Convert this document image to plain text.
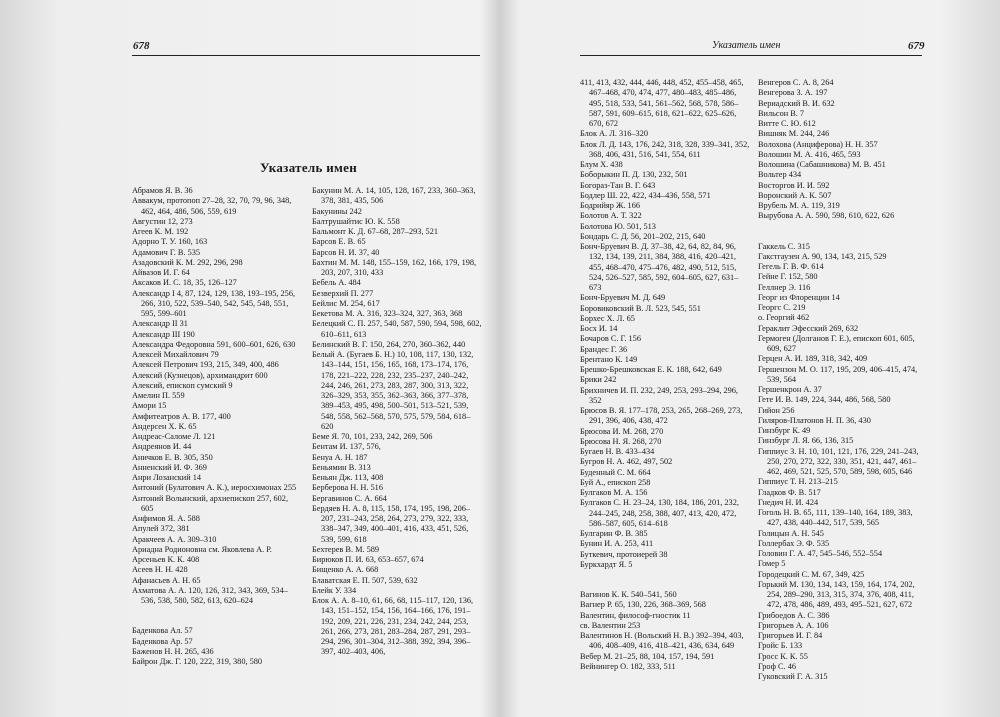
678
Указатель имен
Абрамов Я. В. 36
Аввакум, протопоп 27–28, 32, 70, 79, 96, 348, 462, 464, 486, 506, 559, 619
Августин 12, 273
Агеев К. М. 192
Адорно Т. У. 160, 163
Адамович Г. В. 535
Азадовский К. М. 292, 296, 298
Айвазов И. Г. 64
Аксаков И. С. 18, 35, 126–127
Александр I 4, 87, 124, 129, 138, 193–195, 256, 266, 310, 522, 539–540, 542, 545, 548, 551, 595, 599–601
Александр II 31
Александр III 190
Александра Федоровна 591, 600–601, 626, 630
Алексей Михайлович 79
Алексей Петрович 193, 215, 349, 400, 486
Алексий (Кузнецов), архимандрит 600
Алексий, епископ сумский 9
Амелин П. 559
Амори 15
Амфитеатров А. В. 177, 400
Андерсен Х. К. 65
Андреас-Саломе Л. 121
Андреянов И. 44
Аничков Е. В. 305, 350
Анненский И. Ф. 369
Анри Лозанский 14
Антоний (Булатович А. К.), иеросхимонах 255
Антоний Волынский, архиепископ 257, 602, 605
Анфимов Я. А. 588
Апулей 372, 381
Аракчеев А. А. 309–310
Ариадна Родионовна см. Яковлева А. Р.
Арсеньев К. К. 408
Асеев Н. Н. 428
Афанасьев А. Н. 65
Ахматова А. А. 120, 126, 312, 343, 369, 534–536, 538, 580, 582, 613, 620–624
Баденкова Ал. 57
Баденкова Ар. 57
Баженов Н. Н. 265, 436
Байрон Дж. Г. 120, 222, 319, 380, 580
Бакунин М. А. 14, 105, 128, 167, 233, 360–363, 378, 381, 435, 506
Бакунины 242
Балтрушайтис Ю. К. 558
Бальмонт К. Д. 67–68, 287–293, 521
Барсов Е. В. 65
Барсов Н. И. 37, 40
Бахтин М. М. 148, 155–159, 162, 166, 179, 198, 203, 207, 310, 433
Бебель А. 484
Безверхий П. 277
Бейлис М. 254, 617
Бекетова М. А. 316, 323–324, 327, 363, 368
Белецкий С. П. 257, 540, 587, 590, 594, 598, 602, 610–611, 613
Белинский В. Г. 150, 264, 270, 360–362, 440
Белый А. (Бугаев Б. Н.) 10, 108, 117, 130, 132, 143–144, 151, 156, 165, 168, 173–174, 176, 178, 221–222, 228, 232, 235–237, 240–242, 244, 246, 261, 273, 283, 287, 300, 313, 322, 326–329, 353, 355, 362–363, 366, 377–378, 389–453, 495, 498, 500–501, 513–521, 539, 548, 558, 562–568, 570, 575, 579, 584, 618–620
Беме Я. 70, 101, 233, 242, 269, 506
Бентам И. 137, 576,
Бенуа А. Н. 187
Беньямин В. 313
Беньян Дж. 113, 408
Берберова Н. Н. 516
Бергавинов С. А. 664
Бердяев Н. А. 8, 115, 158, 174, 195, 198, 206–207, 231–243, 258, 264, 273, 279, 322, 333, 338–347, 349, 400–401, 416, 433, 451, 526, 539, 599, 618
Бехтерев В. М. 589
Бирюков П. И. 63, 653–657, 674
Бищенко А. А. 668
Блаватская Е. П. 507, 539, 632
Блейк У. 334
Блок А. А. 8–10, 61, 66, 68, 115–117, 120, 136, 143, 151–152, 154, 156, 164–166, 176, 191–192, 209, 221, 226, 231, 234, 242, 244, 253, 261, 266, 273, 281, 283–284, 287, 291, 293–294, 296, 301–304, 312–388, 392, 394, 396–397, 402–403, 406,
Указатель имен	679
411, 413, 432, 444, 446, 448, 452, 455–458, 465, 467–468, 470, 474, 477, 480–483, 485–486, 495, 518, 533, 541, 561–562, 568, 578, 586–587, 591, 609–615, 618, 621–622, 625–626, 670, 672
Блок А. Л. 316–320
Блок Л. Д. 143, 176, 242, 318, 328, 339–341, 352, 368, 406, 431, 516, 541, 554, 611
Блум Х. 438
Боборыкин П. Д. 130, 232, 501
Богораз-Тан В. Г. 643
Бодлер Ш. 22, 422, 434–436, 558, 571
Бодрийяр Ж. 166
Болотов А. Т. 322
Болотова Ю. 501, 513
Бондарь С. Д. 56, 201–202, 215, 640
Бонч-Бруевич В. Д. 37–38, 42, 64, 82, 84, 96, 132, 134, 139, 211, 384, 388, 416, 420–421, 455, 468–470, 475–476, 482, 490, 512, 515, 524, 526–527, 585, 592, 604–605, 627, 631–673
Бонч-Бруевич М. Д. 649
Боровиковский В. Л. 523, 545, 551
Борхес Х. Л. 65
Босх И. 14
Бочаров С. Г. 156
Брандес Г. 36
Брентано К. 149
Брешко-Брешковская Е. К. 188, 642, 649
Брики 242
Брихничев И. П. 232, 249, 253, 293–294, 296, 352
Брюсов В. Я. 177–178, 253, 265, 268–269, 273, 291, 396, 406, 438, 472
Брюсова И. М. 268, 270
Брюсова Н. Я. 268, 270
Бугаев Н. В. 433–434
Бугров Н. А. 462, 497, 502
Буденный С. М. 664
Буй А., епископ 258
Булгаков М. А. 156
Булгаков С. Н. 23–24, 130, 184, 186, 201, 232, 244–245, 248, 258, 388, 407, 413, 420, 472, 586–587, 605, 614–618
Булгарин Ф. В. 385
Бунин И. А. 253, 411
Буткевич, протоиерей 38
Буркхардт Я. 5
Вагинов К. К. 540–541, 560
Вагнер Р. 65, 130, 226, 368–369, 568
Валентин, философ-гностик 11
св. Валентин 253
Валентинов Н. (Вольский Н. В.) 392–394, 403, 406, 408–409, 416, 418–421, 436, 634, 649
Вебер М. 21–25, 88, 104, 157, 194, 591
Вейнингер О. 182, 333, 511
Венгеров С. А. 8, 264
Венгерова З. А. 197
Вериадский В. И. 632
Вильсон В. 7
Витте С. Ю. 612
Вишняк М. 244, 246
Волохова (Анциферова) Н. Н. 357
Волошин М. А. 416, 465, 593
Волошина (Сабашникова) М. В. 451
Вольтер 434
Восторгов И. И. 592
Воронский А. К. 507
Врубель М. А. 119, 319
Вырубова А. А. 590, 598, 610, 622, 626
Гаккель С. 315
Гакстгаузен А. 90, 134, 143, 215, 529
Гегель Г. В. Ф. 614
Гейне Г. 152, 580
Геллнер Э. 116
Георг из Флоренции 14
Георгс С. 219
о. Георгий 462
Гераклит Эфесский 269, 632
Гермоген (Долганов Г. Е.), епископ 601, 605, 609, 627
Герцен А. И. 189, 318, 342, 409
Гершензон М. О. 117, 195, 209, 406–415, 474, 539, 564
Гершенкрон А. 37
Гете И. В. 149, 224, 344, 486, 568, 580
Гийон 256
Гиляров-Платонов Н. П. 36, 430
Гинзбург К. 49
Гинзбург Л. Я. 66, 136, 315
Гиппиус З. Н. 10, 101, 121, 176, 229, 241–243, 250, 270, 272, 322, 330, 351, 421, 447, 461–462, 469, 521, 525, 570, 589, 598, 605, 646
Гиппиус Т. Н. 213–215
Гладков Ф. В. 517
Гнедич Н. И. 424
Гоголь Н. В. 65, 111, 139–140, 164, 189, 383, 427, 438, 440–442, 517, 539, 565
Голицын А. Н. 545
Голлербах Э. Ф. 535
Головин Г. А. 47, 545–546, 552–554
Гомер 5
Городецкий С. М. 67, 349, 425
Горький М. 130, 134, 143, 159, 164, 174, 202, 254, 289–290, 313, 315, 374, 376, 408, 411, 472, 478, 486, 489, 493, 495–521, 627, 672
Грибоедов А. С. 386
Григорьев А. А. 106
Григорьев И. Г. 84
Гройс Б. 133
Гросс К. К. 55
Гроф С. 46
Гуковский Г. А. 315
